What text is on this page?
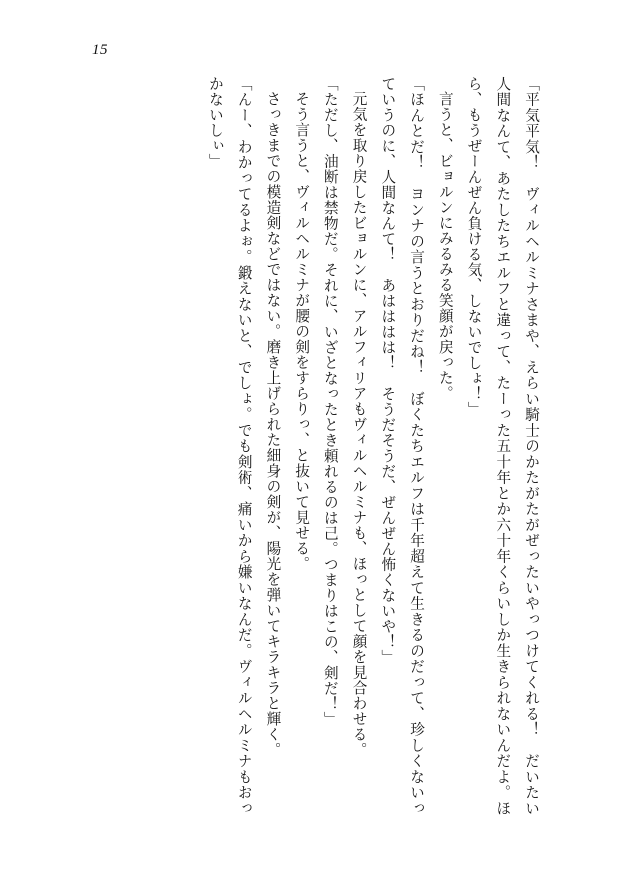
15

「平気平気！　ヴィルヘルミナさまや、えらい騎士のかたがたがぜったいやっつけてくれる！　だいたい人間なんて、あたしたちエルフと違って、たーった五十年とか六十年くらいしか生きられないんだよ。ほら、もうぜーんぜん負ける気、しないでしょ！」

言うと、ビョルンにみるみる笑顔が戻った。

「ほんとだ！　ヨンナの言うとおりだね！　ぼくたちエルフは千年超えて生きるのだって、珍しくないっていうのに、人間なんて！　あはははは！　そうだそうだ、ぜんぜん怖くないや！」

元気を取り戻したビョルンに、アルフィリアもヴィルヘルミナも、ほっとして顔を見合わせる。

「ただし、油断は禁物だ。それに、いざとなったとき頼れるのは己。つまりはこの、剣だ！」

そう言うと、ヴィルヘルミナが腰の剣をすらりっ、と抜いて見せる。

さっきまでの模造剣などではない。磨き上げられた細身の剣が、陽光を弾いてキラキラと輝く。

「んー、わかってるよぉ。鍛えないと、でしょ。でも剣術、痛いから嫌いなんだ。ヴィルヘルミナもおっかないしぃ」
